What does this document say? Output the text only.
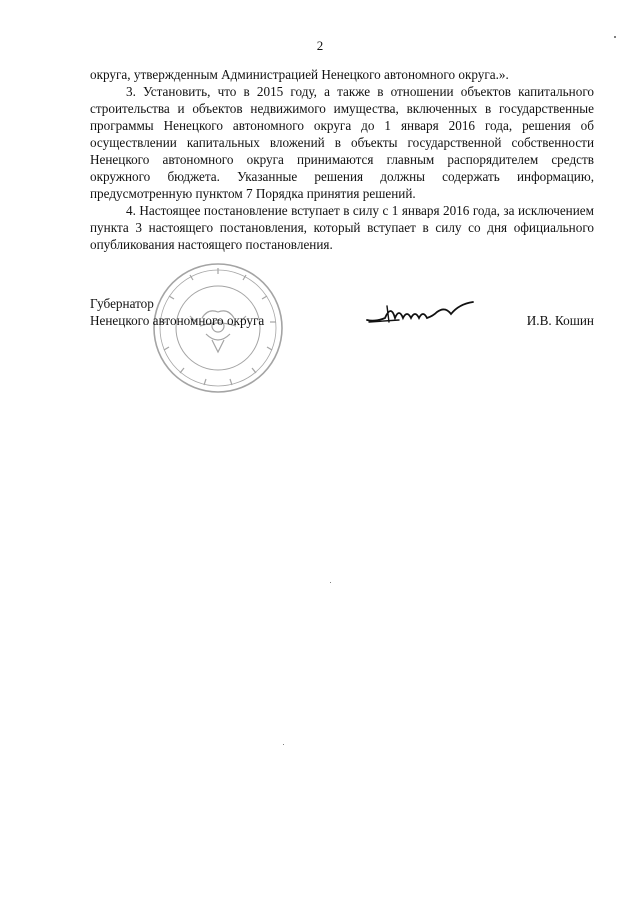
2

округа, утвержденным Администрацией Ненецкого автономного округа.».

3. Установить, что в 2015 году, а также в отношении объектов капитального строительства и объектов недвижимого имущества, включенных в государственные программы Ненецкого автономного округа до 1 января 2016 года, решения об осуществлении капитальных вложений в объекты государственной собственности Ненецкого автономного округа принимаются главным распорядителем средств окружного бюджета. Указанные решения должны содержать информацию, предусмотренную пунктом 7 Порядка принятия решений.

4. Настоящее постановление вступает в силу с 1 января 2016 года, за исключением пункта 3 настоящего постановления, который вступает в силу со дня официального опубликования настоящего постановления.

Губернатор
Ненецкого автономного округа	И.В. Кошин
